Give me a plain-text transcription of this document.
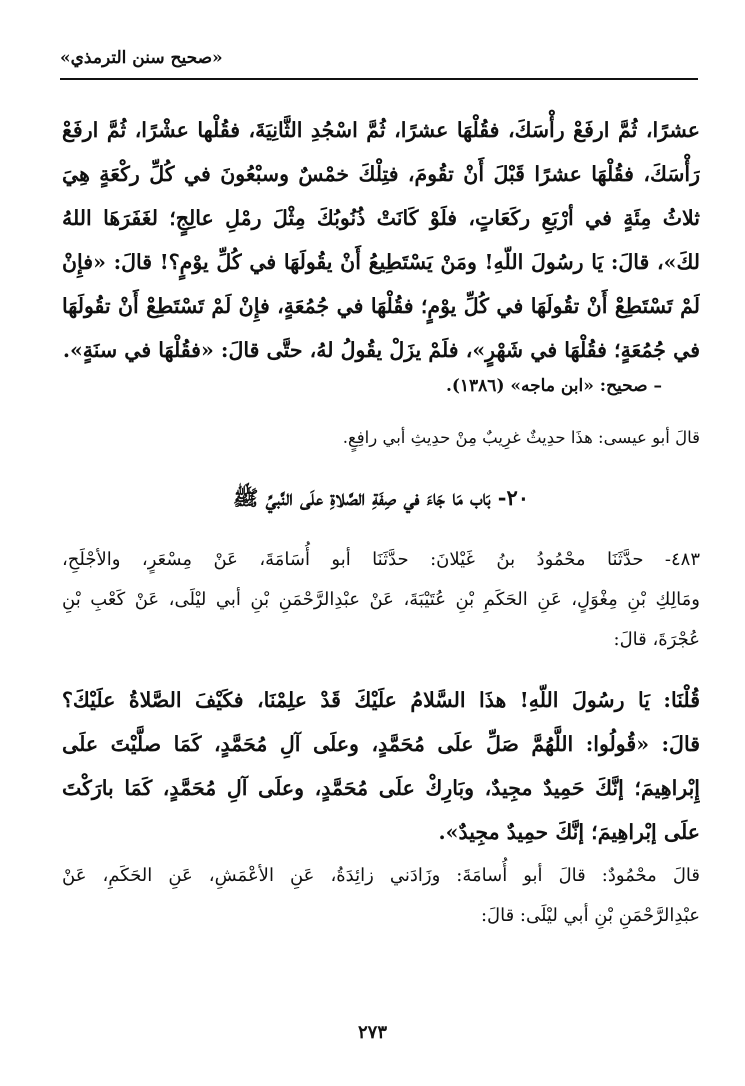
«صحيح سنن الترمذي»
عشرًا، ثُمَّ ارفَعْ رأْسَكَ، فقُلْهَا عشرًا، ثُمَّ اسْجُدِ الثَّانِيَةَ، فقُلْها عشْرًا، ثُمَّ ارفَعْ
رَأْسَكَ، فقُلْهَا عشرًا قَبْلَ أَنْ تقُومَ، فتِلْكَ خمْسٌ وسبْعُونَ في كُلِّ ركْعَةٍ هِيَ
ثلاثُ مِئَةٍ في أرْبَعِ ركَعَاتٍ، فلَوْ كَانَتْ ذُنُوبُكَ مِثْلَ رمْلِ عالِجٍ؛ لغَفَرَهَا اللهُ
لكَ»، قالَ: يَا رسُولَ اللّهِ! ومَنْ يَسْتَطِيعُ أَنْ يقُولَهَا في كُلِّ يوْمٍ؟! قالَ: «فإِنْ
لَمْ تَسْتَطِعْ أَنْ تقُولَهَا في كُلِّ يوْمٍ؛ فقُلْهَا في جُمُعَةٍ، فإِنْ لَمْ تَسْتَطِعْ أَنْ تقُولَهَا
في جُمُعَةٍ؛ فقُلْهَا في شَهْرٍ»، فلَمْ يزَلْ يقُولُ لهُ، حتَّى قالَ: «فقُلْهَا في سنَةٍ».
– صحيح: «ابن ماجه» (١٣٨٦).
قالَ أبو عيسى: هذَا حدِيثٌ غرِيبٌ مِنْ حدِيثِ أبي رافِعٍ.
٢٠- بَاب مَا جَاءَ في صِفَةِ الصَّلاةِ علَى النَّبيِّ ﷺ
٤٨٣- حدَّثَنَا محْمُودُ بنُ غَيْلانَ: حدَّثَنَا أبو أُسَامَةَ، عَنْ مِسْعَرٍ، والأجْلَحِ،
ومَالِكِ بْنِ مِغْوَلٍ، عَنِ الحَكَمِ بْنِ عُتَيْبَةَ، عَنْ عبْدِالرَّحْمَنِ بْنِ أبي ليْلَى، عَنْ كَعْبِ بْنِ
عُجْرَةَ، قالَ:
قُلْنَا: يَا رسُولَ اللّهِ! هذَا السَّلامُ علَيْكَ قَدْ علِمْنَا، فكَيْفَ الصَّلاةُ علَيْكَ؟
قالَ: «قُولُوا: اللَّهُمَّ صَلِّ علَى مُحَمَّدٍ، وعلَى آلِ مُحَمَّدٍ، كَمَا صلَّيْتَ علَى
إِبْراهِيمَ؛ إنَّكَ حَمِيدٌ مجِيدٌ، وبَارِكْ علَى مُحَمَّدٍ، وعلَى آلِ مُحَمَّدٍ، كَمَا بارَكْتَ
علَى إبْراهِيمَ؛ إنَّكَ حمِيدٌ مجِيدٌ».
قالَ محْمُودٌ: قالَ أبو أُسامَةَ: وزَادَني زائِدَةُ، عَنِ الأعْمَشِ، عَنِ الحَكَمِ، عَنْ
عبْدِالرَّحْمَنِ بْنِ أبي ليْلَى: قالَ:
٢٧٣
